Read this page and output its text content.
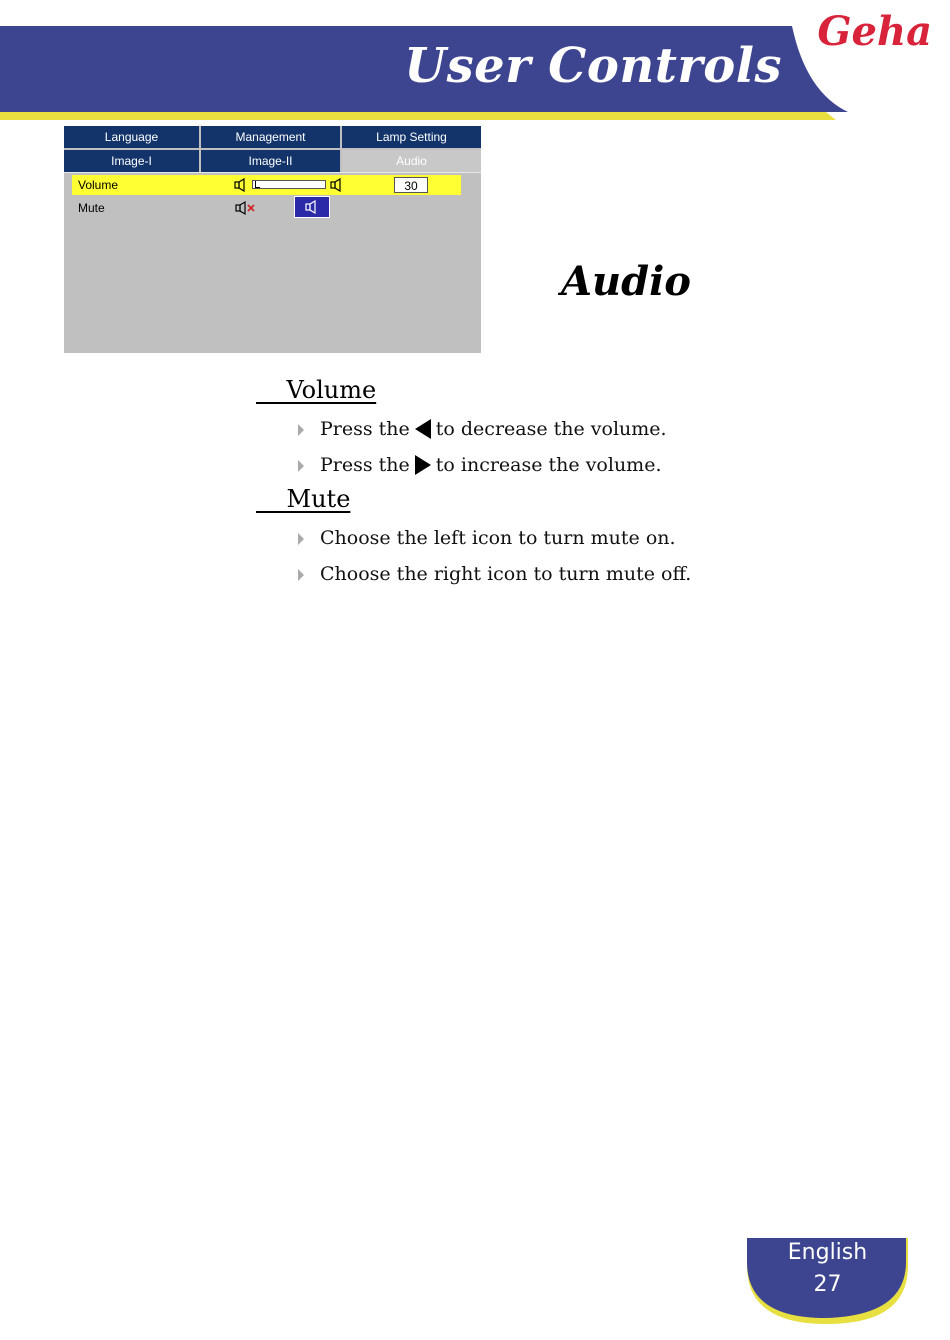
User Controls
Geha
Language	Management	Lamp Setting
Image-I	Image-II	Audio
Volume	30
Mute
Audio
Volume
Press the to decrease the volume.
Press the to increase the volume.
Mute
Choose the left icon to turn mute on.
Choose the right icon to turn mute off.
English
27
